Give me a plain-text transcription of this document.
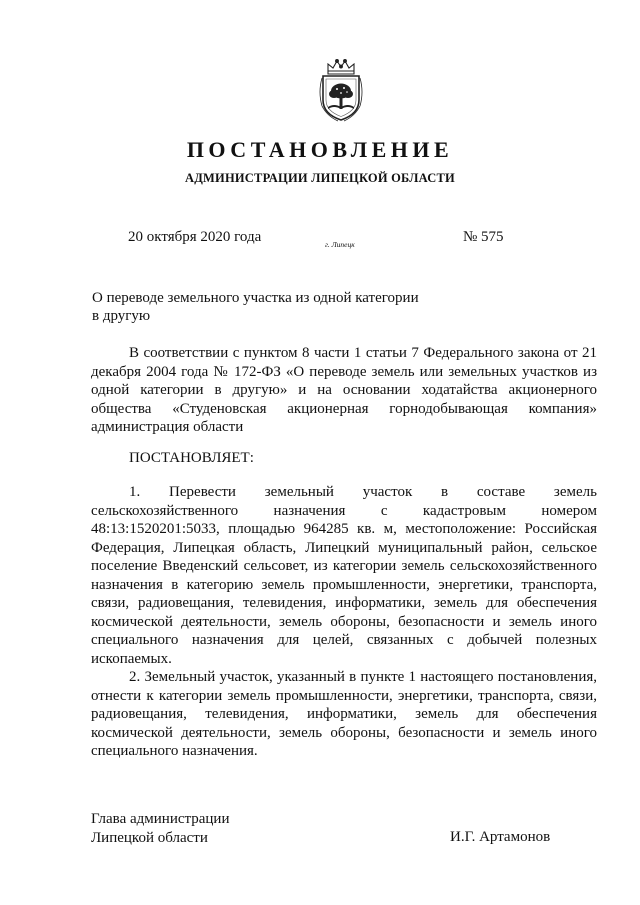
ПОСТАНОВЛЕНИЕ
АДМИНИСТРАЦИИ ЛИПЕЦКОЙ ОБЛАСТИ
20 октября 2020 года	г. Липецк	№ 575
О переводе земельного участка из одной категории
в другую
В соответствии с пунктом 8 части 1 статьи 7 Федерального закона от 21 декабря 2004 года № 172-ФЗ «О переводе земель или земельных участков из одной категории в другую» и на основании ходатайства акционерного общества «Студеновская акционерная горнодобывающая компания» администрация области
ПОСТАНОВЛЯЕТ:

1. Перевести земельный участок в составе земель сельскохозяйственного назначения с кадастровым номером 48:13:1520201:5033, площадью 964285 кв. м, местоположение: Российская Федерация, Липецкая область, Липецкий муниципальный район, сельское поселение Введенский сельсовет, из категории земель сельскохозяйственного назначения в категорию земель промышленности, энергетики, транспорта, связи, радиовещания, телевидения, информатики, земель для обеспечения космической деятельности, земель обороны, безопасности и земель иного специального назначения для целей, связанных с добычей полезных ископаемых.

2. Земельный участок, указанный в пункте 1 настоящего постановления, отнести к категории земель промышленности, энергетики, транспорта, связи, радиовещания, телевидения, информатики, земель для обеспечения космической деятельности, земель обороны, безопасности и земель иного специального назначения.

Глава администрации
Липецкой области	И.Г. Артамонов
